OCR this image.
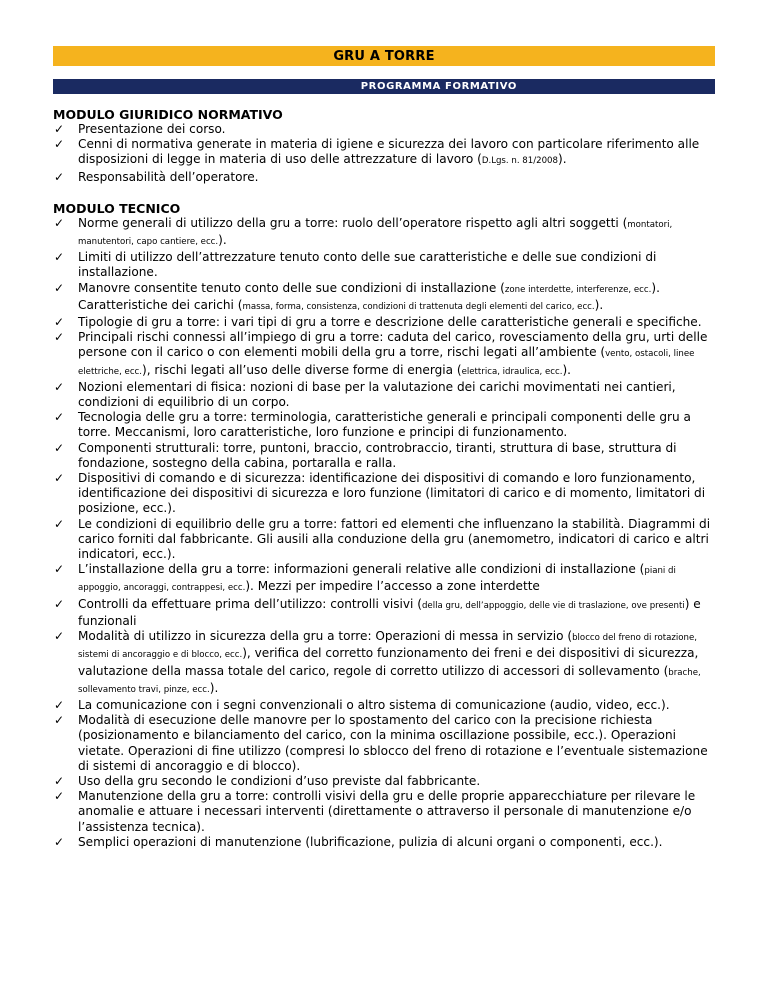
GRU A TORRE
PROGRAMMA FORMATIVO
MODULO GIURIDICO NORMATIVO
✓ Presentazione dei corso.
✓ Cenni di normativa generate in materia di igiene e sicurezza dei lavoro con particolare riferimento alle disposizioni di legge in materia di uso delle attrezzature di lavoro (D.Lgs. n. 81/2008).
✓ Responsabilità dell’operatore.
MODULO TECNICO
✓ Norme generali di utilizzo della gru a torre: ruolo dell’operatore rispetto agli altri soggetti (montatori, manutentori, capo cantiere, ecc.).
✓ Limiti di utilizzo dell’attrezzature tenuto conto delle sue caratteristiche e delle sue condizioni di installazione.
✓ Manovre consentite tenuto conto delle sue condizioni di installazione (zone interdette, interferenze, ecc.). Caratteristiche dei carichi (massa, forma, consistenza, condizioni di trattenuta degli elementi del carico, ecc.).
✓ Tipologie di gru a torre: i vari tipi di gru a torre e descrizione delle caratteristiche generali e specifiche.
✓ Principali rischi connessi all’impiego di gru a torre: caduta del carico, rovesciamento della gru, urti delle persone con il carico o con elementi mobili della gru a torre, rischi legati all’ambiente (vento, ostacoli, linee elettriche, ecc.), rischi legati all’uso delle diverse forme di energia (elettrica, idraulica, ecc.).
✓ Nozioni elementari di fisica: nozioni di base per la valutazione dei carichi movimentati nei cantieri, condizioni di equilibrio di un corpo.
✓ Tecnologia delle gru a torre: terminologia, caratteristiche generali e principali componenti delle gru a torre. Meccanismi, loro caratteristiche, loro funzione e principi di funzionamento.
✓ Componenti strutturali: torre, puntoni, braccio, controbraccio, tiranti, struttura di base, struttura di fondazione, sostegno della cabina, portaralla e ralla.
✓ Dispositivi di comando e di sicurezza: identificazione dei dispositivi di comando e loro funzionamento, identificazione dei dispositivi di sicurezza e loro funzione (limitatori di carico e di momento, limitatori di posizione, ecc.).
✓ Le condizioni di equilibrio delle gru a torre: fattori ed elementi che influenzano la stabilità. Diagrammi di carico forniti dal fabbricante. Gli ausili alla conduzione della gru (anemometro, indicatori di carico e altri indicatori, ecc.).
✓ L’installazione della gru a torre: informazioni generali relative alle condizioni di installazione (piani di appoggio, ancoraggi, contrappesi, ecc.). Mezzi per impedire l’accesso a zone interdette
✓ Controlli da effettuare prima dell’utilizzo: controlli visivi (della gru, dell’appoggio, delle vie di traslazione, ove presenti) e funzionali
✓ Modalità di utilizzo in sicurezza della gru a torre: Operazioni di messa in servizio (blocco del freno di rotazione, sistemi di ancoraggio e di blocco, ecc.), verifica del corretto funzionamento dei freni e dei dispositivi di sicurezza, valutazione della massa totale del carico, regole di corretto utilizzo di accessori di sollevamento (brache, sollevamento travi, pinze, ecc.).
✓ La comunicazione con i segni convenzionali o altro sistema di comunicazione (audio, video, ecc.).
✓ Modalità di esecuzione delle manovre per lo spostamento del carico con la precisione richiesta (posizionamento e bilanciamento del carico, con la minima oscillazione possibile, ecc.). Operazioni vietate. Operazioni di fine utilizzo (compresi lo sblocco del freno di rotazione e l’eventuale sistemazione di sistemi di ancoraggio e di blocco).
✓ Uso della gru secondo le condizioni d’uso previste dal fabbricante.
✓ Manutenzione della gru a torre: controlli visivi della gru e delle proprie apparecchiature per rilevare le anomalie e attuare i necessari interventi (direttamente o attraverso il personale di manutenzione e/o l’assistenza tecnica).
✓ Semplici operazioni di manutenzione (lubrificazione, pulizia di alcuni organi o componenti, ecc.).
